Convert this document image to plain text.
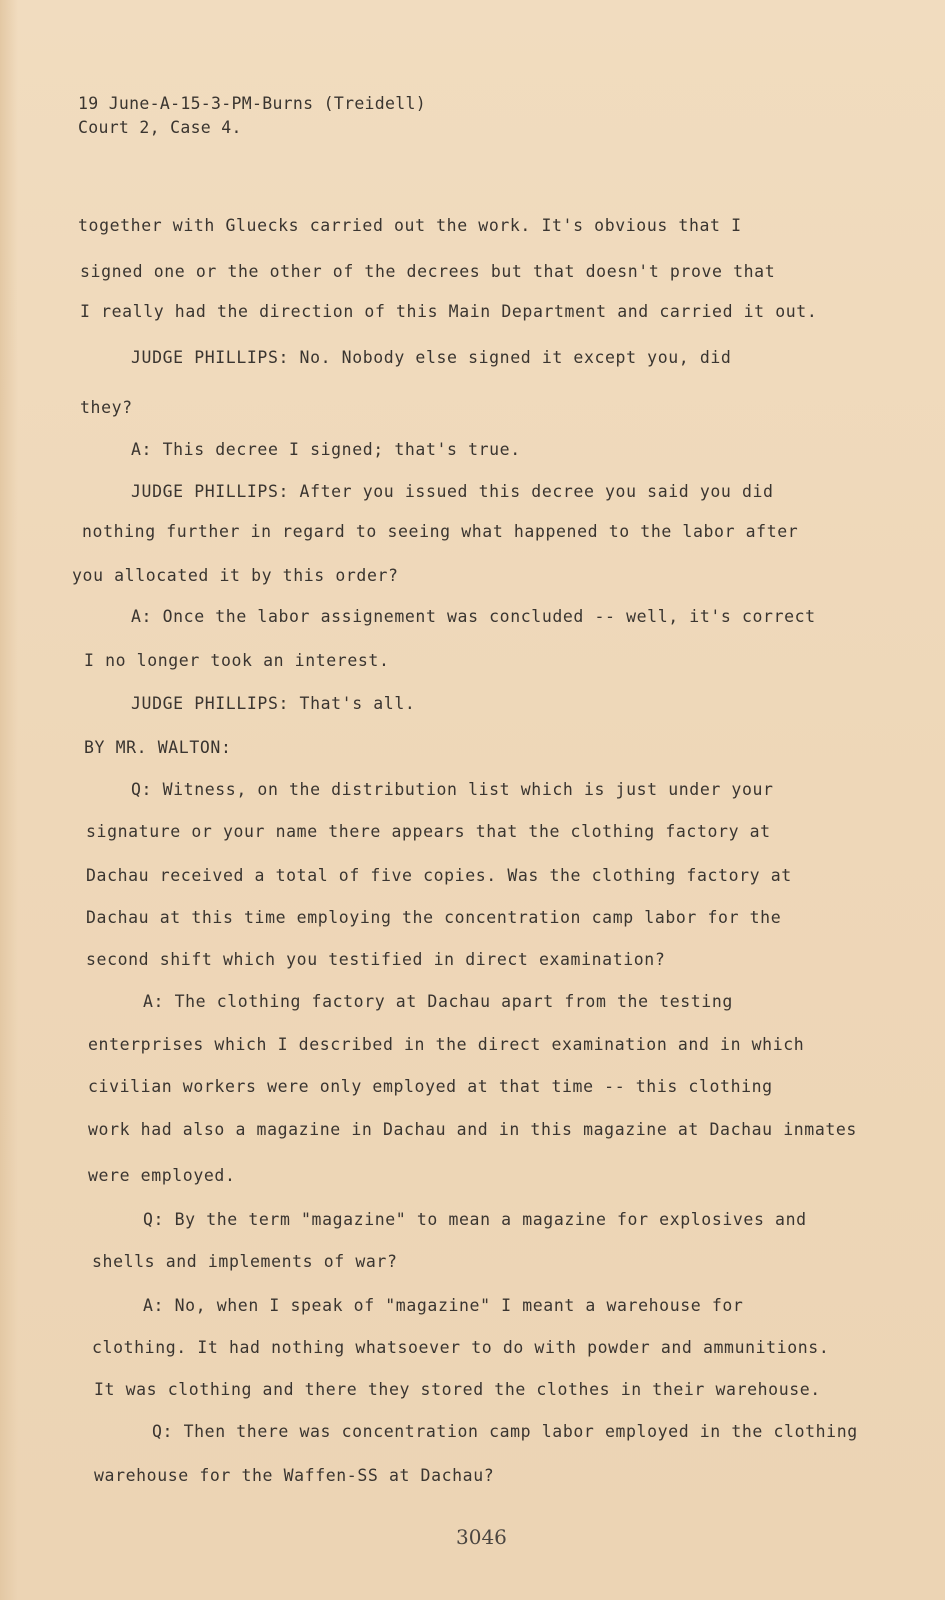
19 June-A-15-3-PM-Burns (Treidell)
Court 2, Case 4.
together with Gluecks carried out the work. It's obvious that I
signed one or the other of the decrees but that doesn't prove that
I really had the direction of this Main Department and carried it out.
JUDGE PHILLIPS: No. Nobody else signed it except you, did
they?
A: This decree I signed; that's true.
JUDGE PHILLIPS: After you issued this decree you said you did
nothing further in regard to seeing what happened to the labor after
you allocated it by this order?
A: Once the labor assignement was concluded -- well, it's correct
I no longer took an interest.
JUDGE PHILLIPS: That's all.
BY MR. WALTON:
Q: Witness, on the distribution list which is just under your
signature or your name there appears that the clothing factory at
Dachau received a total of five copies. Was the clothing factory at
Dachau at this time employing the concentration camp labor for the
second shift which you testified in direct examination?
A: The clothing factory at Dachau apart from the testing
enterprises which I described in the direct examination and in which
civilian workers were only employed at that time -- this clothing
work had also a magazine in Dachau and in this magazine at Dachau inmates
were employed.
Q: By the term "magazine" to mean a magazine for explosives and
shells and implements of war?
A: No, when I speak of "magazine" I meant a warehouse for
clothing. It had nothing whatsoever to do with powder and ammunitions.
It was clothing and there they stored the clothes in their warehouse.
Q: Then there was concentration camp labor employed in the clothing
warehouse for the Waffen-SS at Dachau?
3046
